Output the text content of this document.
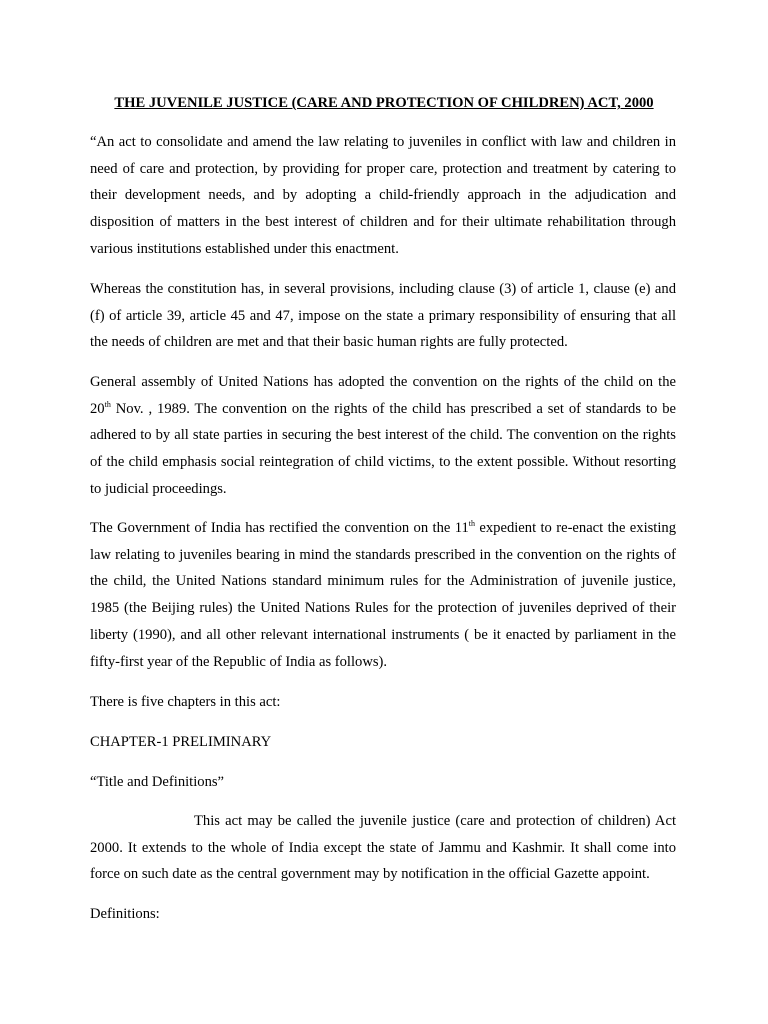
THE JUVENILE JUSTICE (CARE AND PROTECTION OF CHILDREN) ACT, 2000

“An act to consolidate and amend the law relating to juveniles in conflict with law and children in need of care and protection, by providing for proper care, protection and treatment by catering to their development needs, and by adopting a child-friendly approach in the adjudication and disposition of matters in the best interest of children and for their ultimate rehabilitation through various institutions established under this enactment.

Whereas the constitution has, in several provisions, including clause (3) of article 1, clause (e) and (f) of article 39, article 45 and 47, impose on the state a primary responsibility of ensuring that all the needs of children are met and that their basic human rights are fully protected.

General assembly of United Nations has adopted the convention on the rights of the child on the 20th Nov. , 1989. The convention on the rights of the child has prescribed a set of standards to be adhered to by all state parties in securing the best interest of the child. The convention on the rights of the child emphasis social reintegration of child victims, to the extent possible. Without resorting to judicial proceedings.

The Government of India has rectified the convention on the 11th expedient to re-enact the existing law relating to juveniles bearing in mind the standards prescribed in the convention on the rights of the child, the United Nations standard minimum rules for the Administration of juvenile justice, 1985 (the Beijing rules) the United Nations Rules for the protection of juveniles deprived of their liberty (1990), and all other relevant international instruments ( be it enacted by parliament in the fifty-first year of the Republic of India as follows).

There is five chapters in this act:

CHAPTER-1 PRELIMINARY

“Title and Definitions”

This act may be called the juvenile justice (care and protection of children) Act 2000. It extends to the whole of India except the state of Jammu and Kashmir. It shall come into force on such date as the central government may by notification in the official Gazette appoint.

Definitions:
